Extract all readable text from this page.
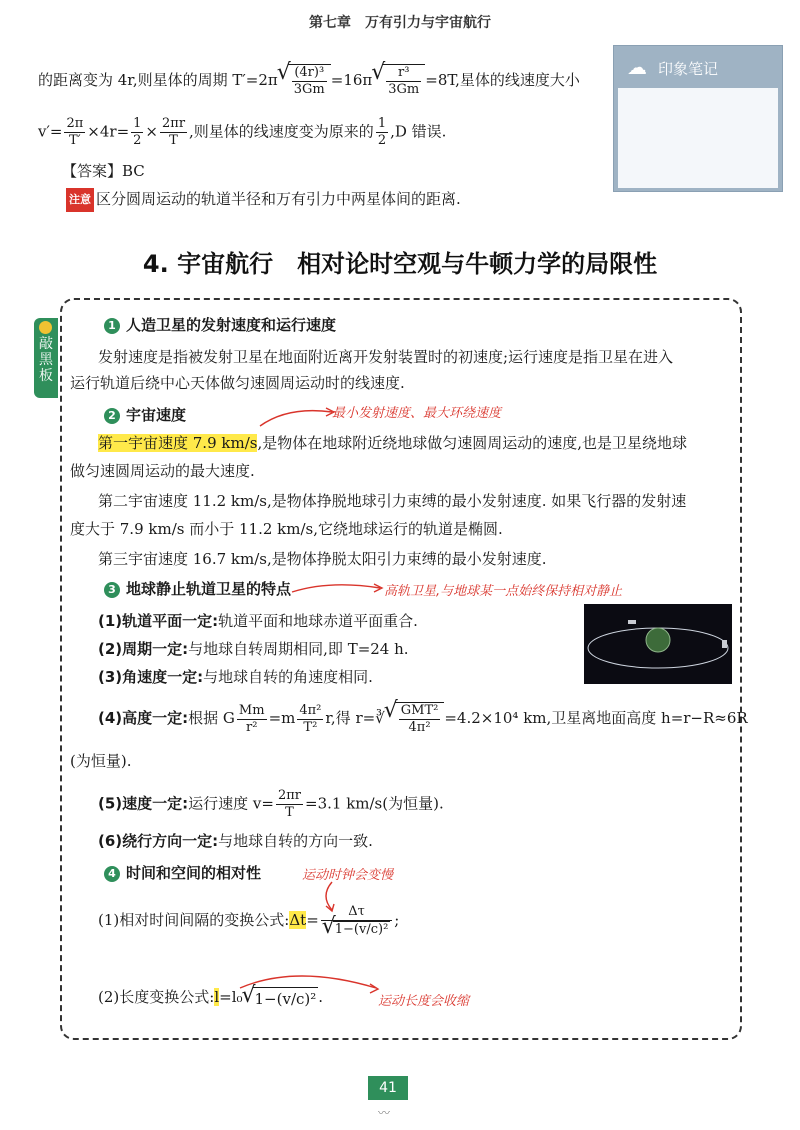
第七章　万有引力与宇宙航行
☁ 印象笔记
的距离变为 4r,则星体的周期 T′=2π √ $\frac{\text{(4r)³}}{3Gm} =16\pi$ √ $\frac{\text{r³}}{3Gm} =8T$,星体的线速度大小
$v'= \frac{2\pi}{T'} \times 4r= \frac{1}{2} \times \frac{2\pi r}{T}$ ,则星体的线速度变为原来的 $\frac{1}{2} ,D$ 错误.
【答案】BC
注意 区分圆周运动的轨道半径和万有引力中两星体间的距离.
4. 宇宙航行　相对论时空观与牛顿力学的局限性
敲黑板
1 人造卫星的发射速度和运行速度
发射速度是指被发射卫星在地面附近离开发射装置时的初速度;运行速度是指卫星在进入
运行轨道后绕中心天体做匀速圆周运动时的线速度.
2 宇宙速度	最小发射速度、最大环绕速度
第一宇宙速度 7.9 km/s,是物体在地球附近绕地球做匀速圆周运动的速度,也是卫星绕地球
做匀速圆周运动的最大速度.
第二宇宙速度 11.2 km/s,是物体挣脱地球引力束缚的最小发射速度. 如果飞行器的发射速
度大于 7.9 km/s 而小于 11.2 km/s,它绕地球运行的轨道是椭圆.
第三宇宙速度 16.7 km/s,是物体挣脱太阳引力束缚的最小发射速度.
3 地球静止轨道卫星的特点	高轨卫星,与地球某一点始终保持相对静止
(1)轨道平面一定:轨道平面和地球赤道平面重合.
(2)周期一定:与地球自转周期相同,即 T=24 h.
(3)角速度一定:与地球自转的角速度相同.
(4)高度一定:根据 G $\frac{Mm}{\text{r²}} =m \frac{\text{4π²}}{\text{T²}} r$,得 r=∛ √ $\frac{\text{GMT²}}{\text{4π²}} =4.2\times 10^4$ km,卫星离地面高度 h=r−R≈6R
(为恒量).
(5)速度一定:运行速度 $v= \frac{2\pi r}{T} =3.1$ km/s(为恒量).
(6)绕行方向一定:与地球自转的方向一致.
4 时间和空间的相对性	运动时钟会变慢
(1)相对时间间隔的变换公式:Δt= Δτ
√ 1−(v/c)² ;
(2)长度变换公式:l=l₀ √ 1−(v/c)² .	运动长度会收缩
41
〰
